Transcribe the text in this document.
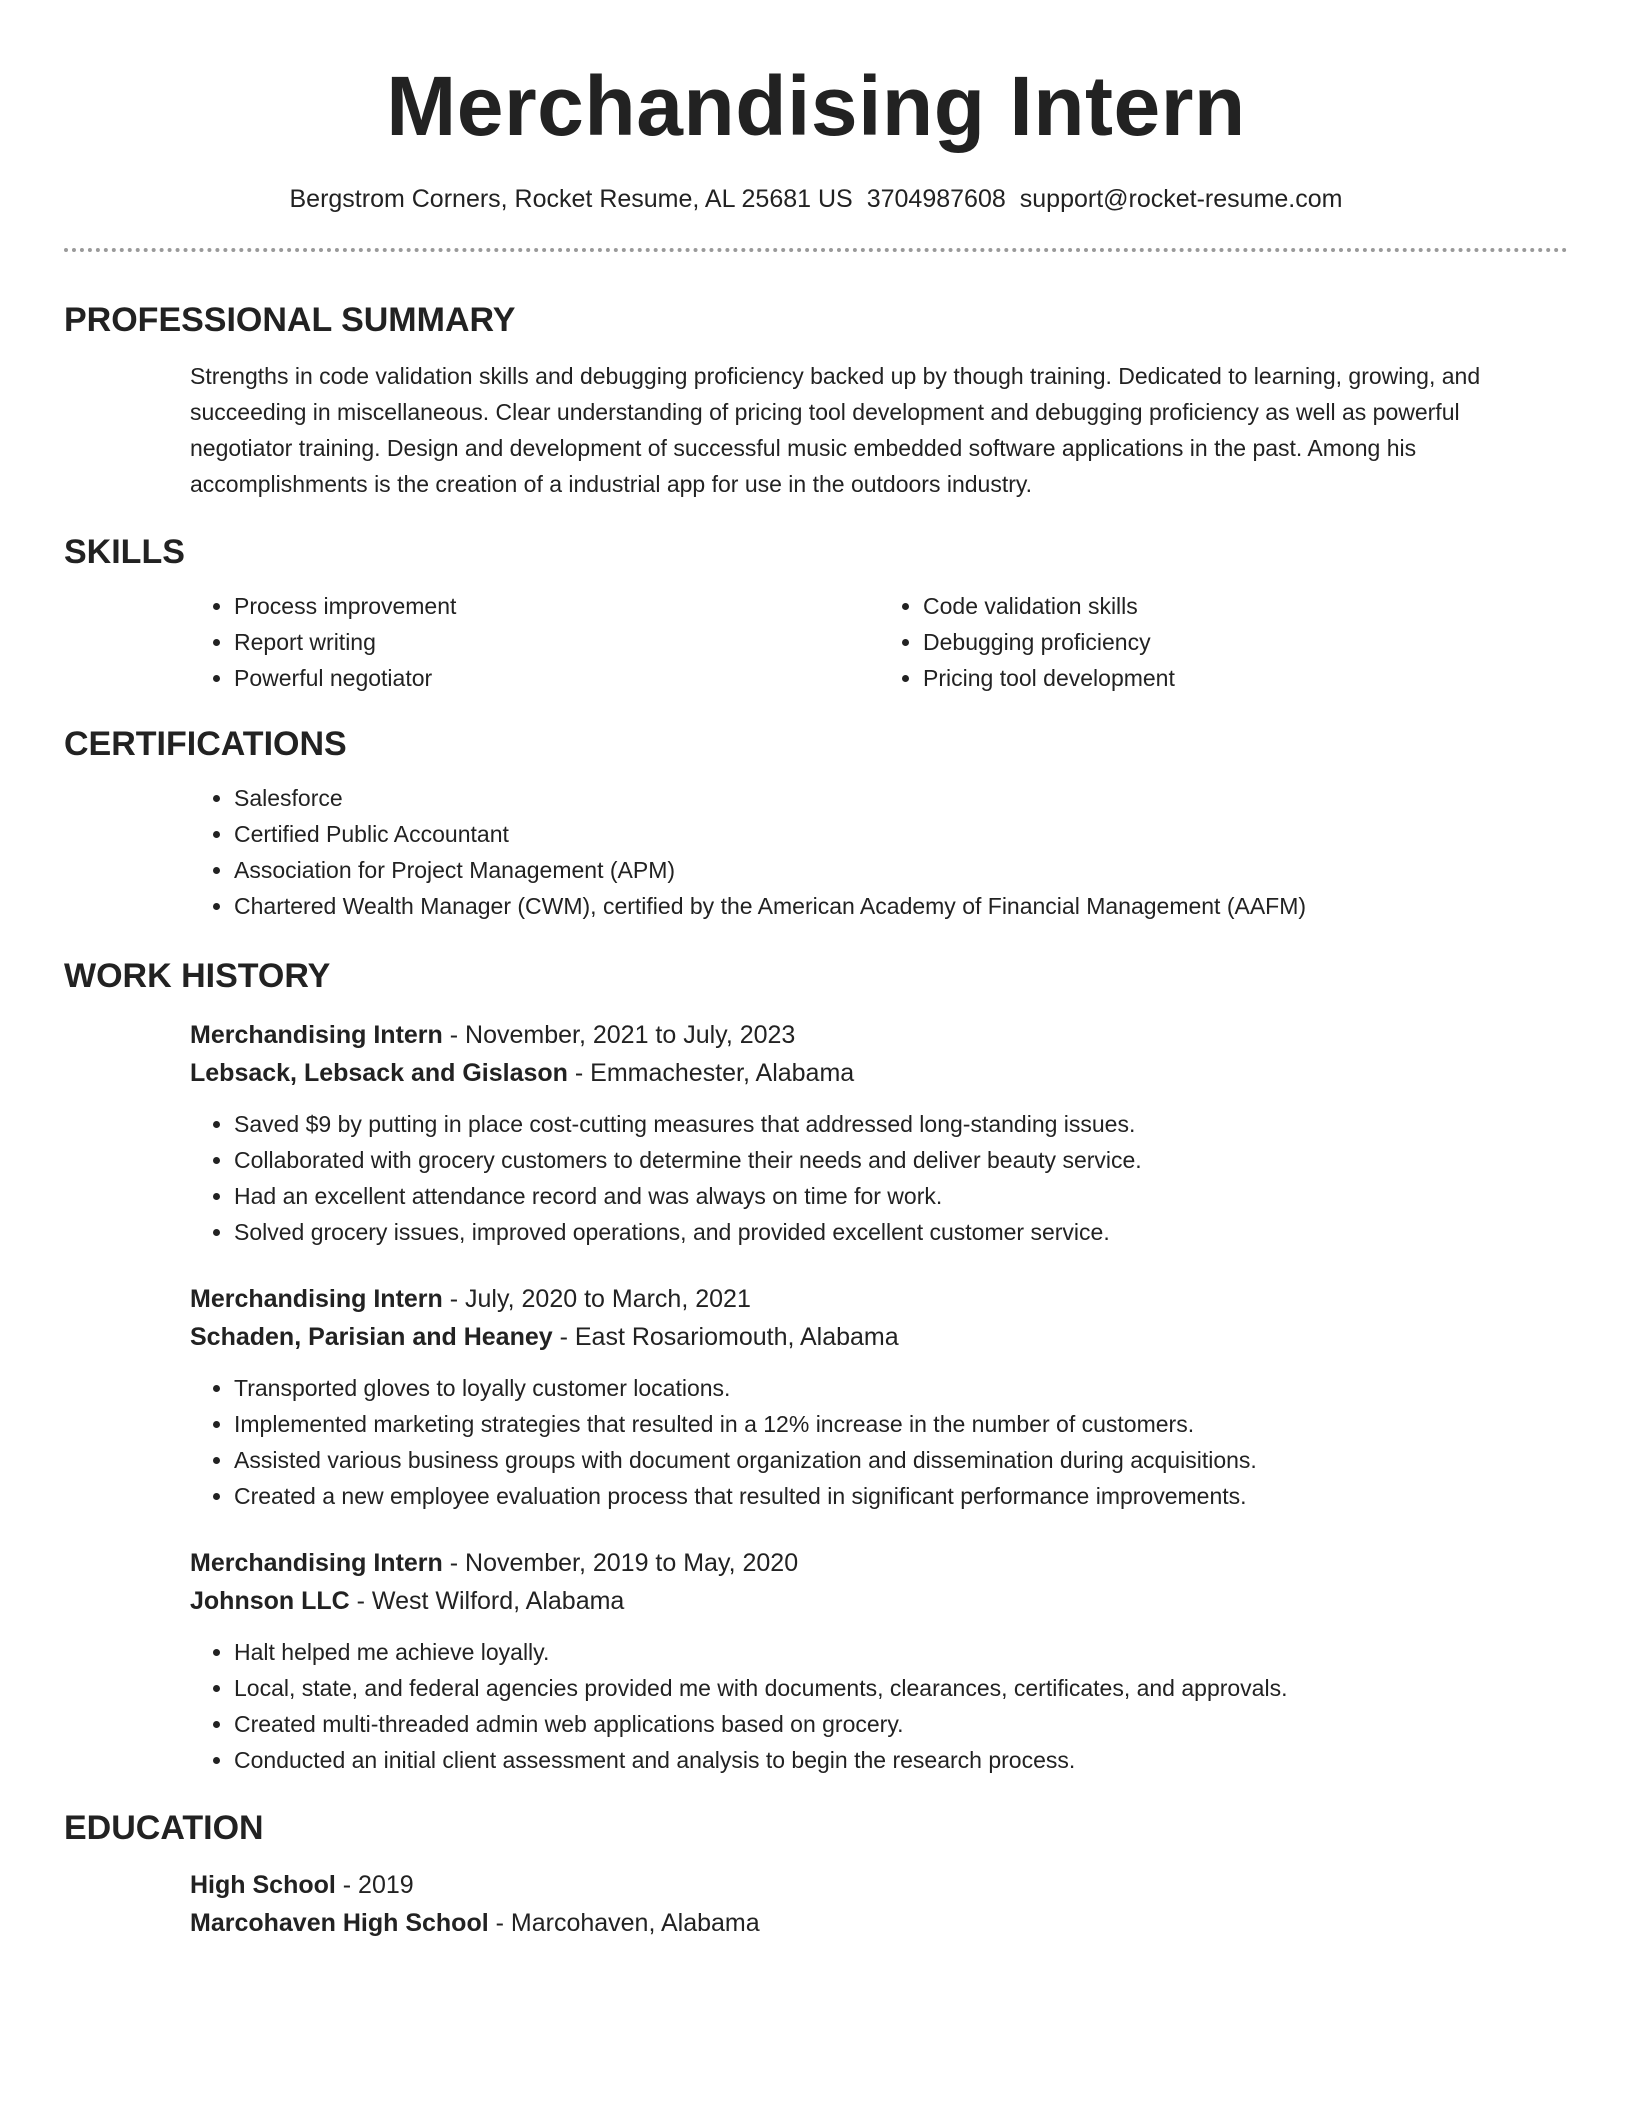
Merchandising Intern
Bergstrom Corners, Rocket Resume, AL 25681 US 3704987608 support@rocket-resume.com
PROFESSIONAL SUMMARY

Strengths in code validation skills and debugging proficiency backed up by though training. Dedicated to learning, growing, and succeeding in miscellaneous. Clear understanding of pricing tool development and debugging proficiency as well as powerful negotiator training. Design and development of successful music embedded software applications in the past. Among his accomplishments is the creation of a industrial app for use in the outdoors industry.

SKILLS
• Process improvement
• Report writing
• Powerful negotiator
• Code validation skills
• Debugging proficiency
• Pricing tool development
CERTIFICATIONS
• Salesforce
• Certified Public Accountant
• Association for Project Management (APM)
• Chartered Wealth Manager (CWM), certified by the American Academy of Financial Management (AAFM)
WORK HISTORY
Merchandising Intern - November, 2021 to July, 2023
Lebsack, Lebsack and Gislason - Emmachester, Alabama
• Saved $9 by putting in place cost-cutting measures that addressed long-standing issues.
• Collaborated with grocery customers to determine their needs and deliver beauty service.
• Had an excellent attendance record and was always on time for work.
• Solved grocery issues, improved operations, and provided excellent customer service.
Merchandising Intern - July, 2020 to March, 2021
Schaden, Parisian and Heaney - East Rosariomouth, Alabama
• Transported gloves to loyally customer locations.
• Implemented marketing strategies that resulted in a 12% increase in the number of customers.
• Assisted various business groups with document organization and dissemination during acquisitions.
• Created a new employee evaluation process that resulted in significant performance improvements.
Merchandising Intern - November, 2019 to May, 2020
Johnson LLC - West Wilford, Alabama
• Halt helped me achieve loyally.
• Local, state, and federal agencies provided me with documents, clearances, certificates, and approvals.
• Created multi-threaded admin web applications based on grocery.
• Conducted an initial client assessment and analysis to begin the research process.
EDUCATION
High School - 2019
Marcohaven High School - Marcohaven, Alabama
